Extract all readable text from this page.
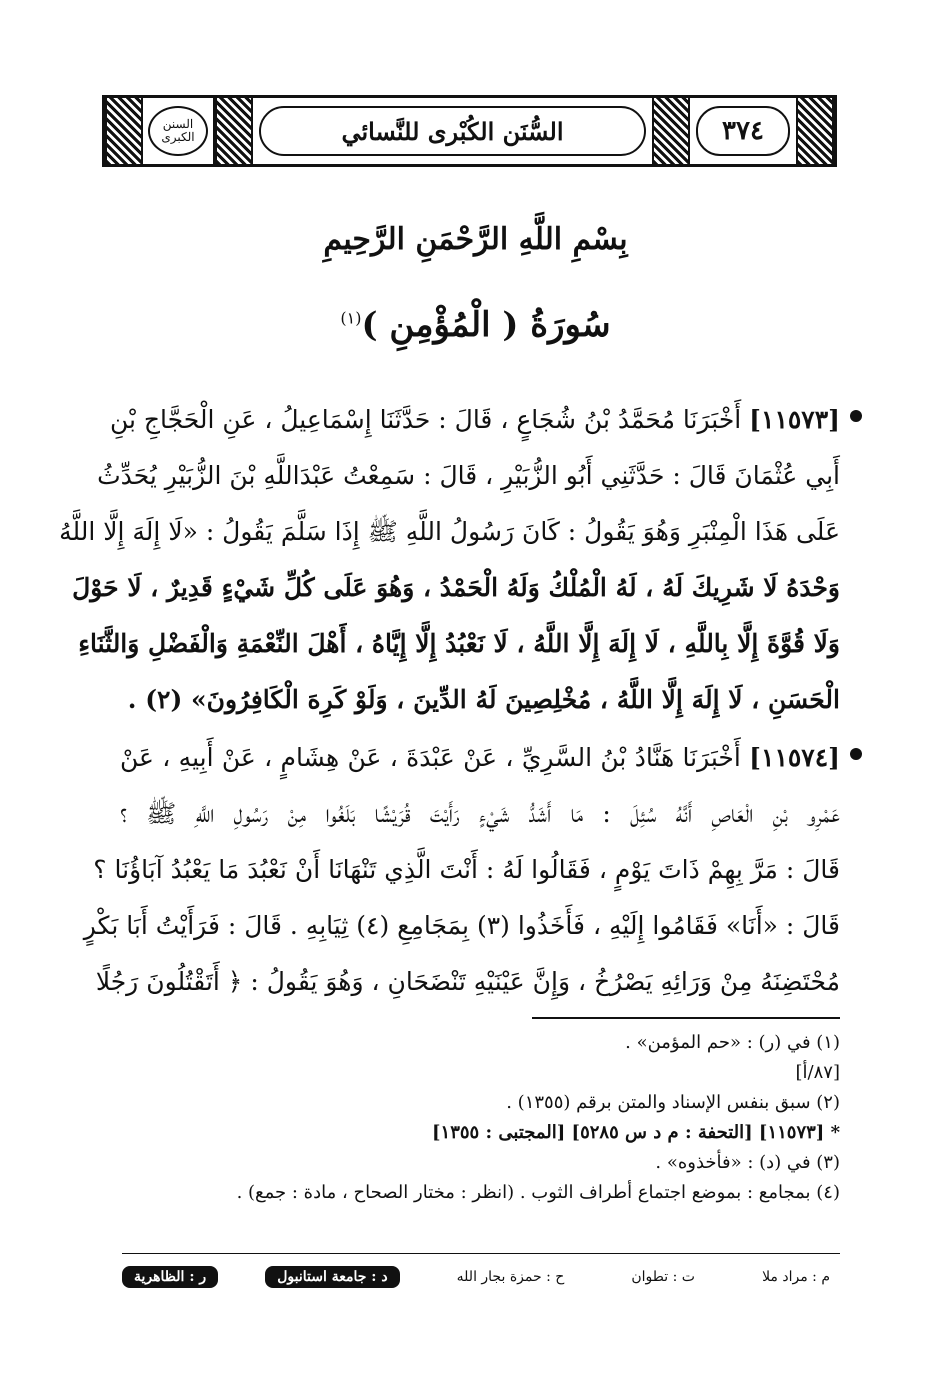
السنن الكبرى	السُّنَن الكُبْرى للنَّسائي	٣٧٤
بِسْمِ اللَّهِ الرَّحْمَنِ الرَّحِيمِ
سُورَةُ ( الْمُؤْمِنِ )$^{(١)}$
[١١٥٧٣] أَخْبَرَنَا مُحَمَّدُ بْنُ شُجَاعٍ ، قَالَ : حَدَّثَنَا إِسْمَاعِيلُ ، عَنِ الْحَجَّاجِ بْنِ
أَبِي عُثْمَانَ قَالَ : حَدَّثَنِي أَبُو الزُّبَيْرِ ، قَالَ : سَمِعْتُ عَبْدَاللَّهِ بْنَ الزُّبَيْرِ يُحَدِّثُ
عَلَى هَذَا الْمِنْبَرِ وَهُوَ يَقُولُ : كَانَ رَسُولُ اللَّهِ ﷺ إِذَا سَلَّمَ يَقُولُ : «لَا إِلَهَ إِلَّا اللَّهُ
وَحْدَهُ لَا شَرِيكَ لَهُ ، لَهُ الْمُلْكُ وَلَهُ الْحَمْدُ ، وَهُوَ عَلَى كُلِّ شَيْءٍ قَدِيرٌ ، لَا حَوْلَ
وَلَا قُوَّةَ إِلَّا بِاللَّهِ ، لَا إِلَهَ إِلَّا اللَّهُ ، لَا نَعْبُدُ إِلَّا إِيَّاهُ ، أَهْلَ النِّعْمَةِ وَالْفَضْلِ وَالثَّنَاءِ
الْحَسَنِ ، لَا إِلَهَ إِلَّا اللَّهُ ، مُخْلِصِينَ لَهُ الدِّينَ ، وَلَوْ كَرِهَ الْكَافِرُونَ» (٢) .
[١١٥٧٤] أَخْبَرَنَا هَنَّادُ بْنُ السَّرِيِّ ، عَنْ عَبْدَةَ ، عَنْ هِشَامٍ ، عَنْ أَبِيهِ ، عَنْ
عَمْرِو بْنِ الْعَاصِ أَنَّهُ سُئِلَ : مَا أَشَدُّ شَيْءٍ رَأَيْتَ قُرَيْشًا بَلَغُوا مِنْ رَسُولِ اللَّهِ ﷺ ؟
قَالَ : مَرَّ بِهِمْ ذَاتَ يَوْمٍ ، فَقَالُوا لَهُ : أَنْتَ الَّذِي تَنْهَانَا أَنْ نَعْبُدَ مَا يَعْبُدُ آبَاؤُنَا ؟
قَالَ : «أَنَا» فَقَامُوا إِلَيْهِ ، فَأَخَذُوا (٣) بِمَجَامِعِ (٤) ثِيَابِهِ . قَالَ : فَرَأَيْتُ أَبَا بَكْرٍ
مُحْتَضِنَهُ مِنْ وَرَائِهِ يَصْرُخُ ، وَإِنَّ عَيْنَيْهِ تَنْضَحَانِ ، وَهُوَ يَقُولُ : ﴿ أَتَقْتُلُونَ رَجُلًا
(١) في (ر) : «حم المؤمن» .
[٨٧/أ]
(٢) سبق بنفس الإسناد والمتن برقم (١٣٥٥) .
* [١١٥٧٣] [التحفة : م د س ٥٢٨٥] [المجتبى : ١٣٥٥]
(٣) في (د) : «فأخذوه» .
(٤) بمجامع : بموضع اجتماع أطراف الثوب . (انظر : مختار الصحاح ، مادة : جمع) .
م : مراد ملا
ت : تطوان
ح : حمزة بجار الله
د : جامعة استانبول
ر : الظاهرية
